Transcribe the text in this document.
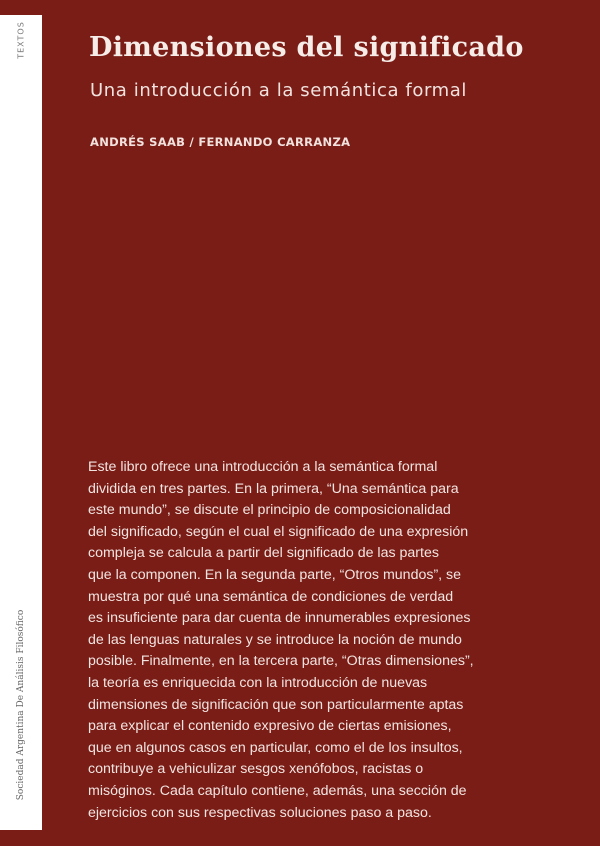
TEXTOS
Sociedad Argentina De Análisis Filosófico
Dimensiones del significado
Una introducción a la semántica formal
ANDRÉS SAAB / FERNANDO CARRANZA
Este libro ofrece una introducción a la semántica formal
dividida en tres partes. En la primera, “Una semántica para
este mundo”, se discute el principio de composicionalidad
del significado, según el cual el significado de una expresión
compleja se calcula a partir del significado de las partes
que la componen. En la segunda parte, “Otros mundos”, se
muestra por qué una semántica de condiciones de verdad
es insuficiente para dar cuenta de innumerables expresiones
de las lenguas naturales y se introduce la noción de mundo
posible. Finalmente, en la tercera parte, “Otras dimensiones”,
la teoría es enriquecida con la introducción de nuevas
dimensiones de significación que son particularmente aptas
para explicar el contenido expresivo de ciertas emisiones,
que en algunos casos en particular, como el de los insultos,
contribuye a vehiculizar sesgos xenófobos, racistas o
misóginos. Cada capítulo contiene, además, una sección de
ejercicios con sus respectivas soluciones paso a paso.
